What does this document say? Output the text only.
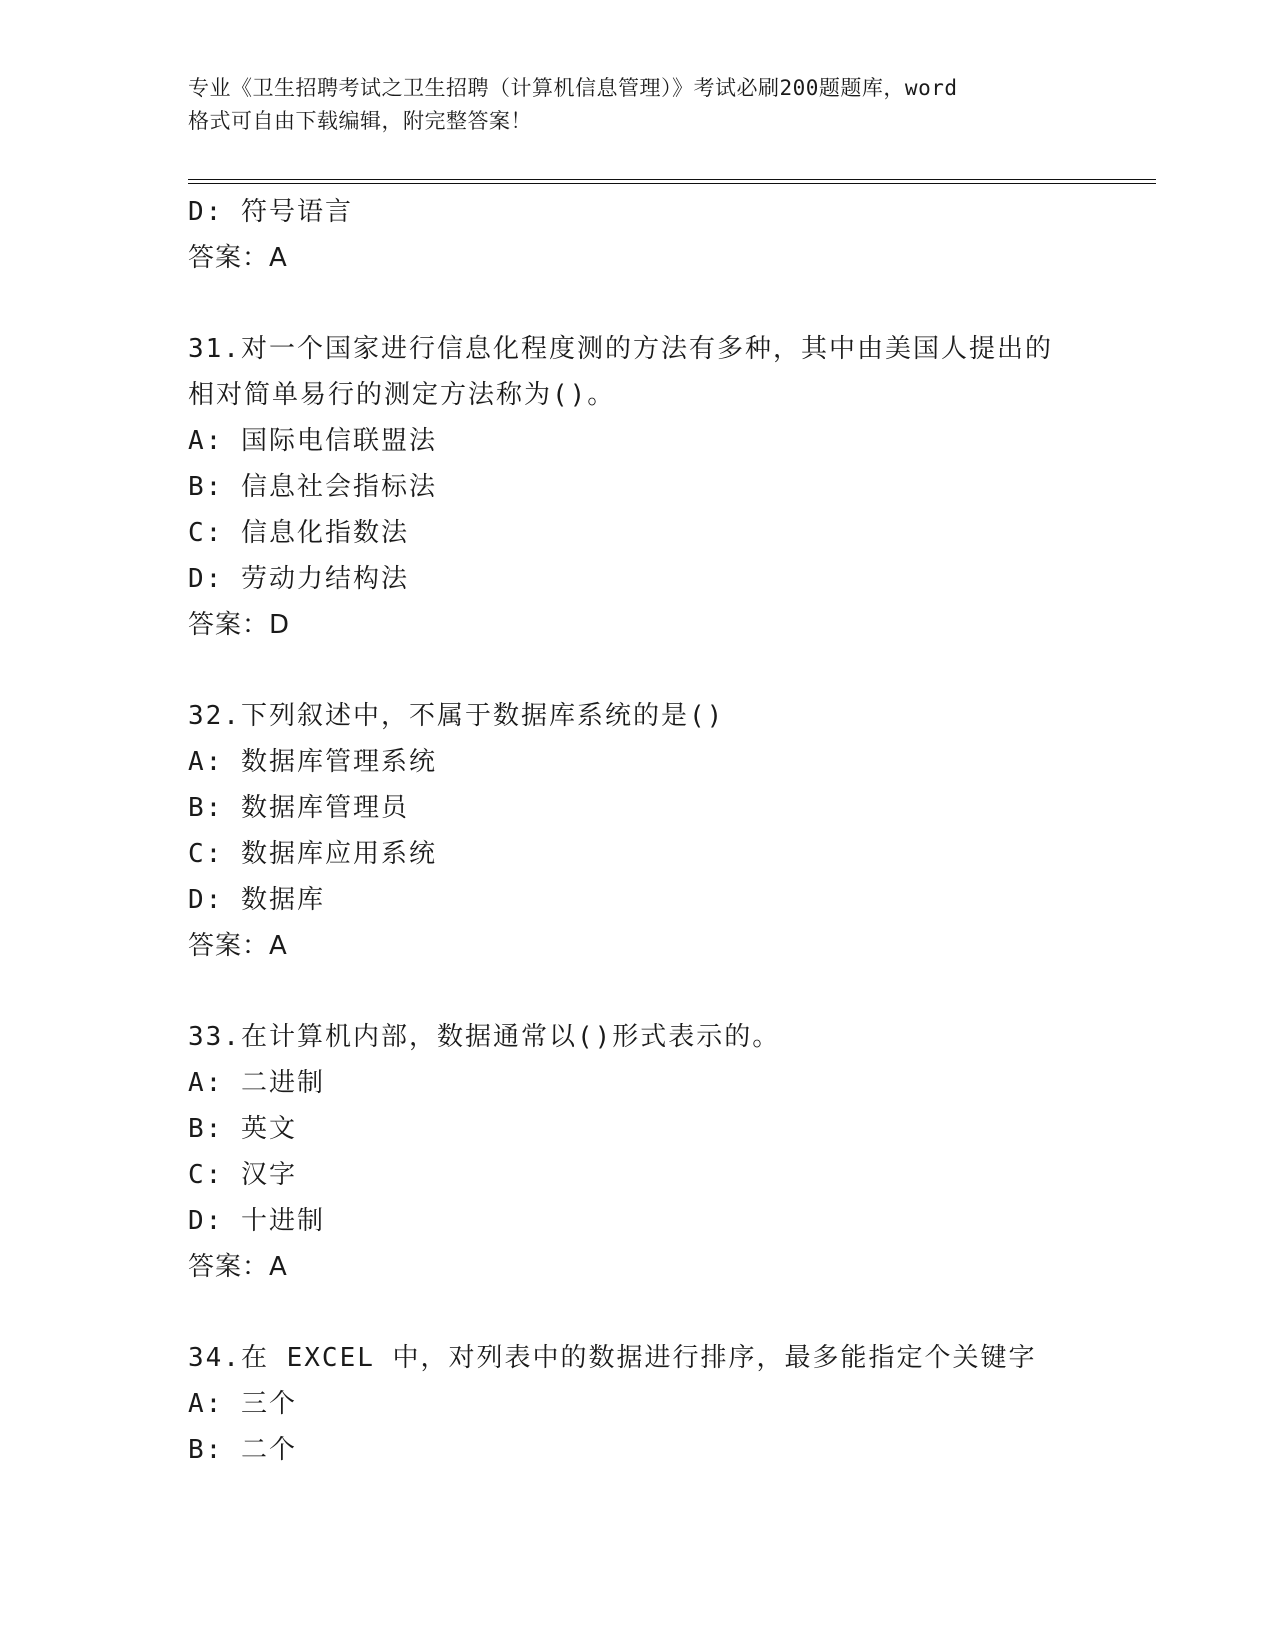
专业《卫生招聘考试之卫生招聘（计算机信息管理）》考试必刷200题题库，word
格式可自由下载编辑，附完整答案！
D: 符号语言
答案：A
31.对一个国家进行信息化程度测的方法有多种，其中由美国人提出的
相对简单易行的测定方法称为()。
A: 国际电信联盟法
B: 信息社会指标法
C: 信息化指数法
D: 劳动力结构法
答案：D
32.下列叙述中，不属于数据库系统的是()
A: 数据库管理系统
B: 数据库管理员
C: 数据库应用系统
D: 数据库
答案：A
33.在计算机内部，数据通常以()形式表示的。
A: 二进制
B: 英文
C: 汉字
D: 十进制
答案：A
34.在 EXCEL 中，对列表中的数据进行排序，最多能指定个关键字
A: 三个
B: 二个
